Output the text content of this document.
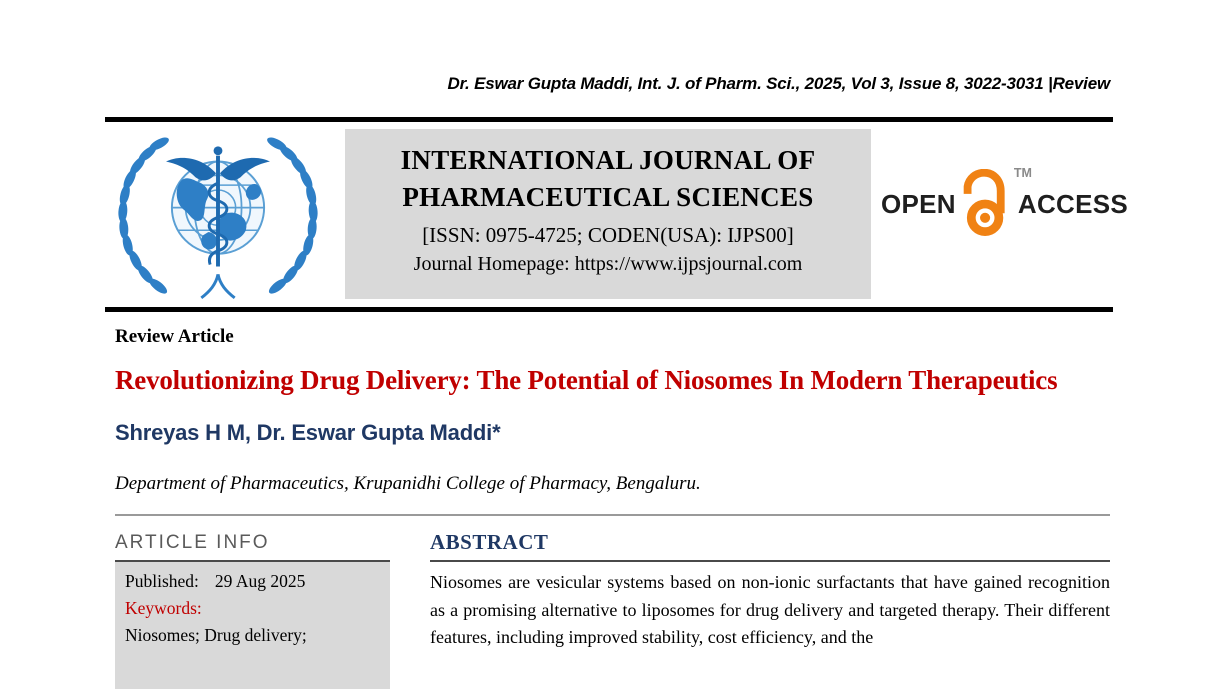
Dr. Eswar Gupta Maddi, Int. J. of Pharm. Sci., 2025, Vol 3, Issue 8, 3022-3031 |Review
INTERNATIONAL JOURNAL OF
PHARMACEUTICAL SCIENCES
[ISSN: 0975-4725; CODEN(USA): IJPS00]
Journal Homepage: https://www.ijpsjournal.com
OPEN
TM
ACCESS
Review Article
Revolutionizing Drug Delivery: The Potential of Niosomes In Modern Therapeutics
Shreyas H M, Dr. Eswar Gupta Maddi*
Department of Pharmaceutics, Krupanidhi College of Pharmacy, Bengaluru.
ARTICLE INFO
Published: 29 Aug 2025
Keywords:
Niosomes; Drug delivery;
ABSTRACT
Niosomes are vesicular systems based on non-ionic surfactants that have gained recognition as a promising alternative to liposomes for drug delivery and targeted therapy. Their different features, including improved stability, cost efficiency, and the
